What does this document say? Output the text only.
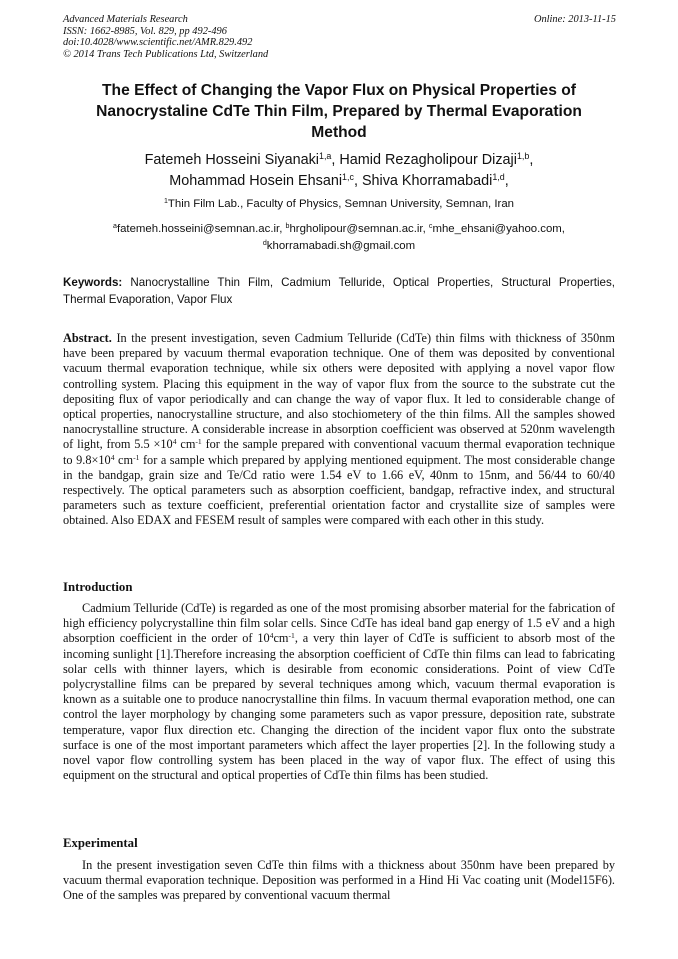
Advanced Materials Research
ISSN: 1662-8985, Vol. 829, pp 492-496
doi:10.4028/www.scientific.net/AMR.829.492
© 2014 Trans Tech Publications Ltd, Switzerland
Online: 2013-11-15
The Effect of Changing the Vapor Flux on Physical Properties of Nanocrystaline CdTe Thin Film, Prepared by Thermal Evaporation Method
Fatemeh Hosseini Siyanaki$^{1,a}$, Hamid Rezagholipour Dizaji$^{1,b}$,
Mohammad Hosein Ehsani$^{1,c}$, Shiva Khorramabadi$^{1,d}$,
$^1$Thin Film Lab., Faculty of Physics, Semnan University, Semnan, Iran
$^a$fatemeh.hosseini@semnan.ac.ir, $^b$hrgholipour@semnan.ac.ir, $^c$mhe_ehsani@yahoo.com,
$^d$khorramabadi.sh@gmail.com
Keywords: Nanocrystalline Thin Film, Cadmium Telluride, Optical Properties, Structural Properties, Thermal Evaporation, Vapor Flux

Abstract. In the present investigation, seven Cadmium Telluride (CdTe) thin films with thickness of 350nm have been prepared by vacuum thermal evaporation technique. One of them was deposited by conventional vacuum thermal evaporation technique, while six others were deposited with applying a novel vapor flow controlling system. Placing this equipment in the way of vapor flux from the source to the substrate cut the depositing flux of vapor periodically and can change the way of vapor flux. It led to considerable change of optical properties, nanocrystalline structure, and also stochiometery of the thin films. All the samples showed nanocrystalline structure. A considerable increase in absorption coefficient was observed at 520nm wavelength of light, from $5.5 \times 10^4$ $cm^{-1}$ for the sample prepared with conventional vacuum thermal evaporation technique to $9.8\times 10^4$ $cm^{-1}$ for a sample which prepared by applying mentioned equipment. The most considerable change in the bandgap, grain size and Te/Cd ratio were 1.54 eV to 1.66 eV, 40nm to 15nm, and 56/44 to 60/40 respectively. The optical parameters such as absorption coefficient, bandgap, refractive index, and structural parameters such as texture coefficient, preferential orientation factor and crystallite size of samples were obtained. Also EDAX and FESEM result of samples were compared with each other in this study.

Introduction

Cadmium Telluride (CdTe) is regarded as one of the most promising absorber material for the fabrication of high efficiency polycrystalline thin film solar cells. Since CdTe has ideal band gap energy of 1.5 eV and a high absorption coefficient in the order of $10^4cm^{-1}$, a very thin layer of CdTe is sufficient to absorb most of the incoming sunlight [1].Therefore increasing the absorption coefficient of CdTe thin films can lead to fabricating solar cells with thinner layers, which is desirable from economic considerations. Point of view CdTe polycrystalline films can be prepared by several techniques among which, vacuum thermal evaporation is known as a suitable one to produce nanocrystalline thin films. In vacuum thermal evaporation method, one can control the layer morphology by changing some parameters such as vapor pressure, deposition rate, substrate temperature, vapor flux direction etc. Changing the direction of the incident vapor flux onto the substrate surface is one of the most important parameters which affect the layer properties [2]. In the following study a novel vapor flow controlling system has been placed in the way of vapor flux. The effect of using this equipment on the structural and optical properties of CdTe thin films has been studied.

Experimental

In the present investigation seven CdTe thin films with a thickness about 350nm have been prepared by vacuum thermal evaporation technique. Deposition was performed in a Hind Hi Vac coating unit (Model15F6). One of the samples was prepared by conventional vacuum thermal
